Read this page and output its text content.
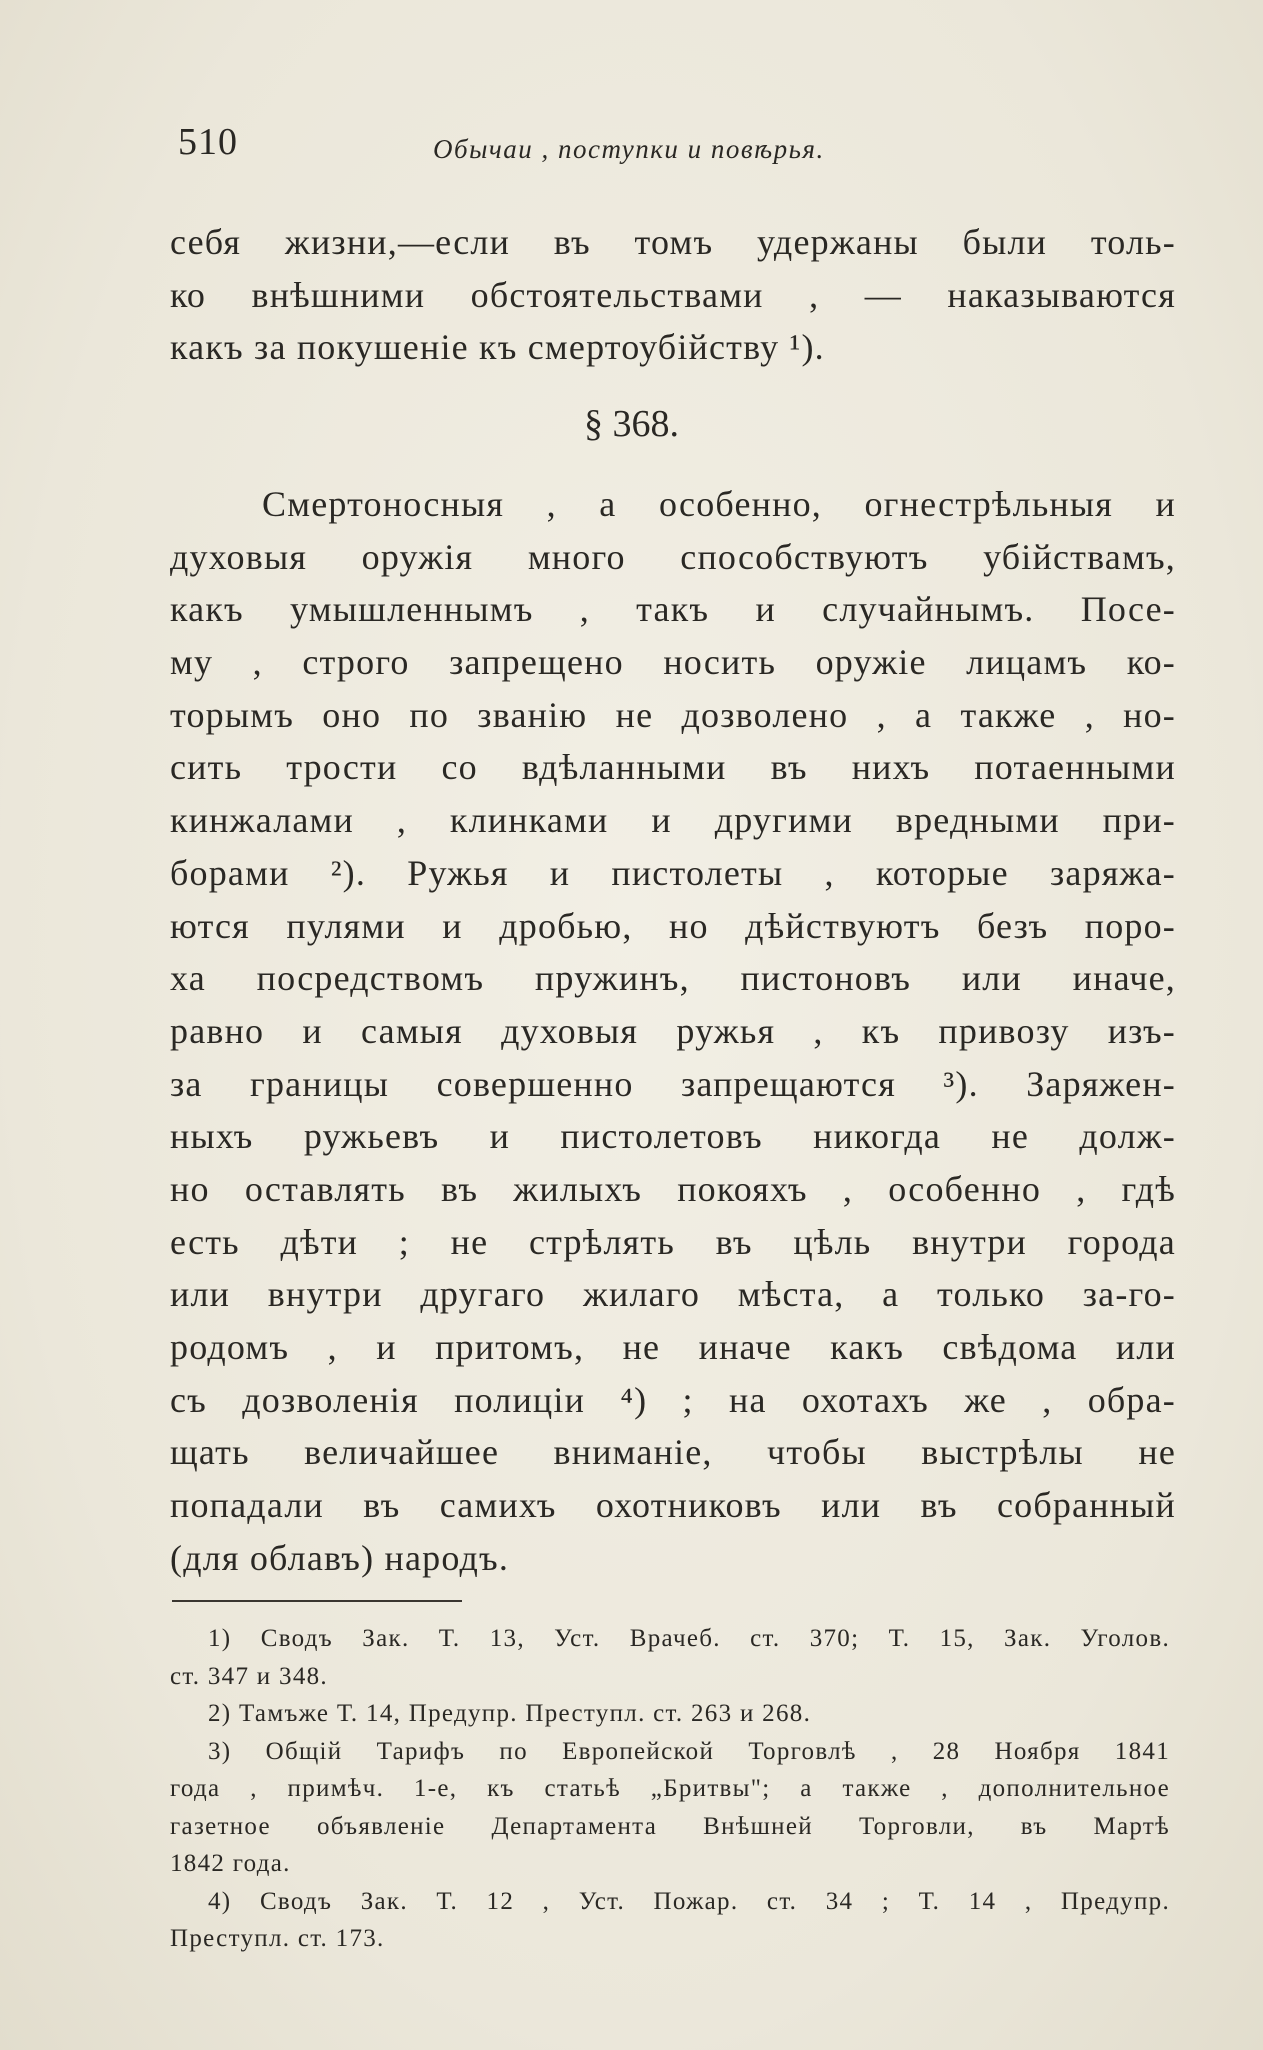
510	Обычаи , поступки и повѣрья.
себя жизни,—если въ томъ удержаны были толь-
ко внѣшними обстоятельствами , — наказываются
какъ за покушеніе къ смертоубійству ¹).
§ 368.
Смертоносныя , а особенно, огнестрѣльныя и
духовыя оружія много способствуютъ убійствамъ,
какъ умышленнымъ , такъ и случайнымъ. Посе-
му , строго запрещено носить оружіе лицамъ ко-
торымъ оно по званію не дозволено , а также , но-
сить трости со вдѣланными въ нихъ потаенными
кинжалами , клинками и другими вредными при-
борами ²). Ружья и пистолеты , которые заряжа-
ются пулями и дробью, но дѣйствуютъ безъ поро-
ха посредствомъ пружинъ, пистоновъ или иначе,
равно и самыя духовыя ружья , къ привозу изъ-
за границы совершенно запрещаются ³). Заряжен-
ныхъ ружьевъ и пистолетовъ никогда не долж-
но оставлять въ жилыхъ покояхъ , особенно , гдѣ
есть дѣти ; не стрѣлять въ цѣль внутри города
или внутри другаго жилаго мѣста, а только за-го-
родомъ , и притомъ, не иначе какъ свѣдома или
съ дозволенія полиціи ⁴) ; на охотахъ же , обра-
щать величайшее вниманіе, чтобы выстрѣлы не
попадали въ самихъ охотниковъ или въ собранный
(для облавъ) народъ.
1) Сводъ Зак. Т. 13, Уст. Врачеб. ст. 370; Т. 15, Зак. Уголов.
ст. 347 и 348.
2) Тамъже Т. 14, Предупр. Преступл. ст. 263 и 268.
3) Общій Тарифъ по Европейской Торговлѣ , 28 Ноября 1841
года , примѣч. 1-е, къ статьѣ „Бритвы"; а также , дополнительное
газетное объявленіе Департамента Внѣшней Торговли, въ Мартѣ
1842 года.
4) Сводъ Зак. Т. 12 , Уст. Пожар. ст. 34 ; Т. 14 , Предупр.
Преступл. ст. 173.
